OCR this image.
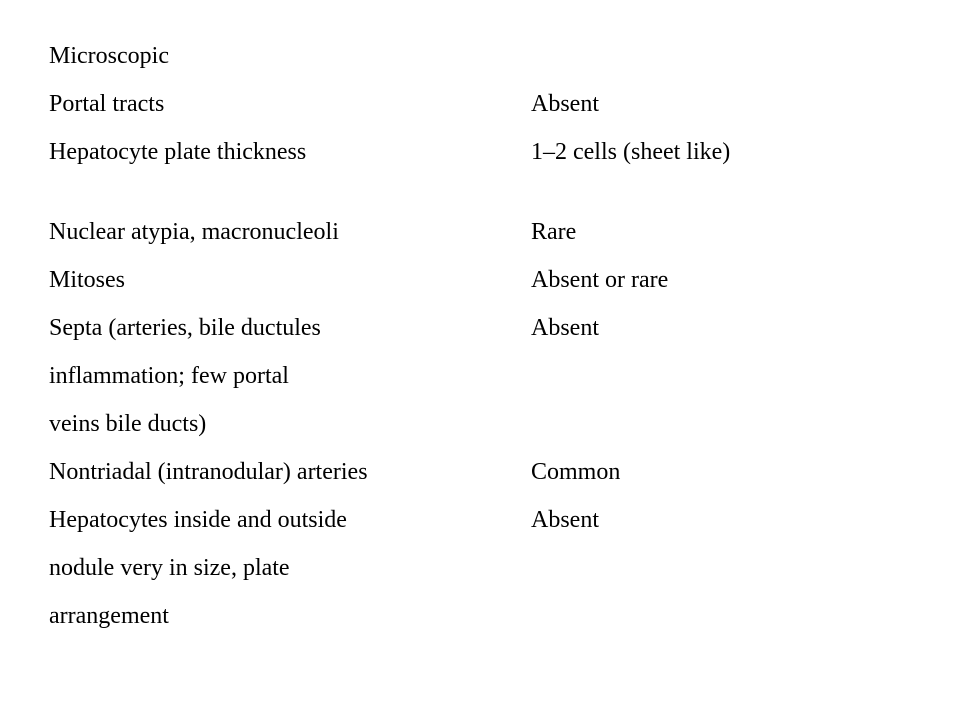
Microscopic
Portal tracts	Absent
Hepatocyte plate thickness	1–2 cells (sheet like)
Nuclear atypia, macronucleoli	Rare
Mitoses	Absent or rare
Septa (arteries, bile ductules	Absent
inflammation; few portal
veins bile ducts)
Nontriadal (intranodular) arteries	Common
Hepatocytes inside and outside	Absent
nodule very in size, plate
arrangement
